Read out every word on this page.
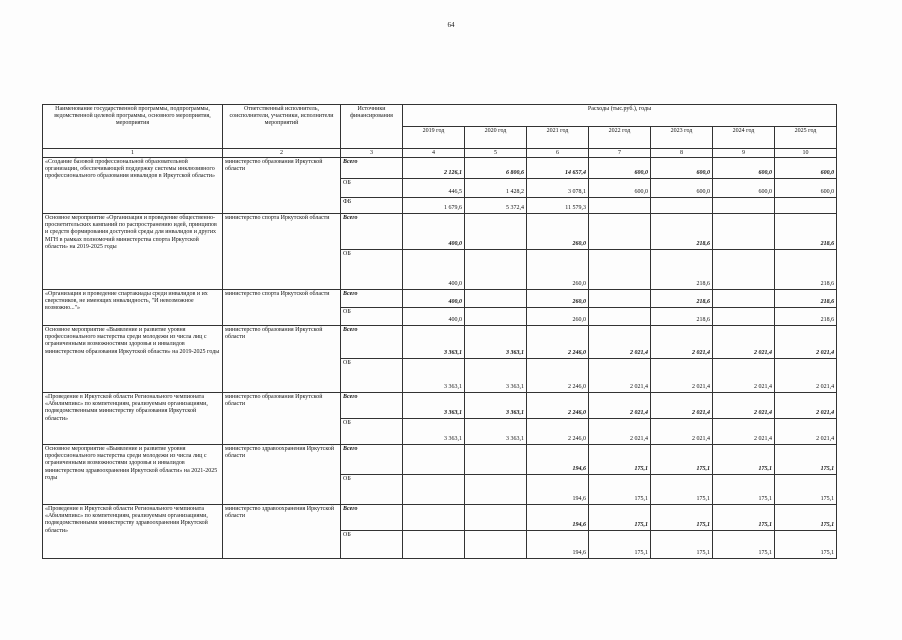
64
Наименование государственной программы, подпрограммы, ведомственной целевой программы, основного мероприятия, мероприятия	Ответственный исполнитель, соисполнители, участники, исполнители мероприятий	Источники финансирования	Расходы (тыс.руб.), годы						
			2019 год	2020 год	2021 год	2022 год	2023 год	2024 год	2025 год
1	2	3	4	5	6	7	8	9	10
«Создание базовой профессиональной образовательной организации, обеспечивающей поддержку системы инклюзивного профессионального образования инвалидов в Иркутской области»	министерство образования Иркутской области	Всего	2 126,1	6 800,6	14 657,4	600,0	600,0	600,0	600,0
		ОБ	446,5	1 428,2	3 078,1	600,0	600,0	600,0	600,0
		ФБ	1 679,6	5 372,4	11 579,3				
Основное мероприятие «Организация и проведение общественно-просветительских кампаний по распространению идей, принципов и средств формирования доступной среды для инвалидов и других МГН в рамках полномочий министерства спорта Иркутской области» на 2019-2025 годы	министерство спорта Иркутской области	Всего	400,0		260,0		218,6		218,6
		ОБ	400,0		260,0		218,6		218,6
«Организация и проведение спартакиады среди инвалидов и их сверстников, не имеющих инвалидность, "И невозможное возможно..."»	министерство спорта Иркутской области	Всего	400,0		260,0		218,6		218,6
		ОБ	400,0		260,0		218,6		218,6
Основное мероприятие «Выявление и развитие уровня профессионального мастерства среди молодежи из числа лиц с ограниченными возможностями здоровья и инвалидов министерством образования Иркутской области» на 2019-2025 годы	министерство образования Иркутской области	Всего	3 363,1	3 363,1	2 246,0	2 021,4	2 021,4	2 021,4	2 021,4
		ОБ	3 363,1	3 363,1	2 246,0	2 021,4	2 021,4	2 021,4	2 021,4
«Проведение в Иркутской области Регионального чемпионата «Абилимпикс» по компетенциям, реализуемым организациями, подведомственными министерству образования Иркутской области»	министерство образования Иркутской области	Всего	3 363,1	3 363,1	2 246,0	2 021,4	2 021,4	2 021,4	2 021,4
		ОБ	3 363,1	3 363,1	2 246,0	2 021,4	2 021,4	2 021,4	2 021,4
Основное мероприятие «Выявление и развитие уровня профессионального мастерства среди молодежи из числа лиц с ограниченными возможностями здоровья и инвалидов министерством здравоохранения Иркутской области» на 2021-2025 годы	министерство здравоохранения Иркутской области	Всего			194,6	175,1	175,1	175,1	175,1
		ОБ			194,6	175,1	175,1	175,1	175,1
«Проведение в Иркутской области Регионального чемпионата «Абилимпикс» по компетенциям, реализуемым организациями, подведомственными министерству здравоохранения Иркутской области»	министерство здравоохранения Иркутской области	Всего			194,6	175,1	175,1	175,1	175,1
		ОБ			194,6	175,1	175,1	175,1	175,1
